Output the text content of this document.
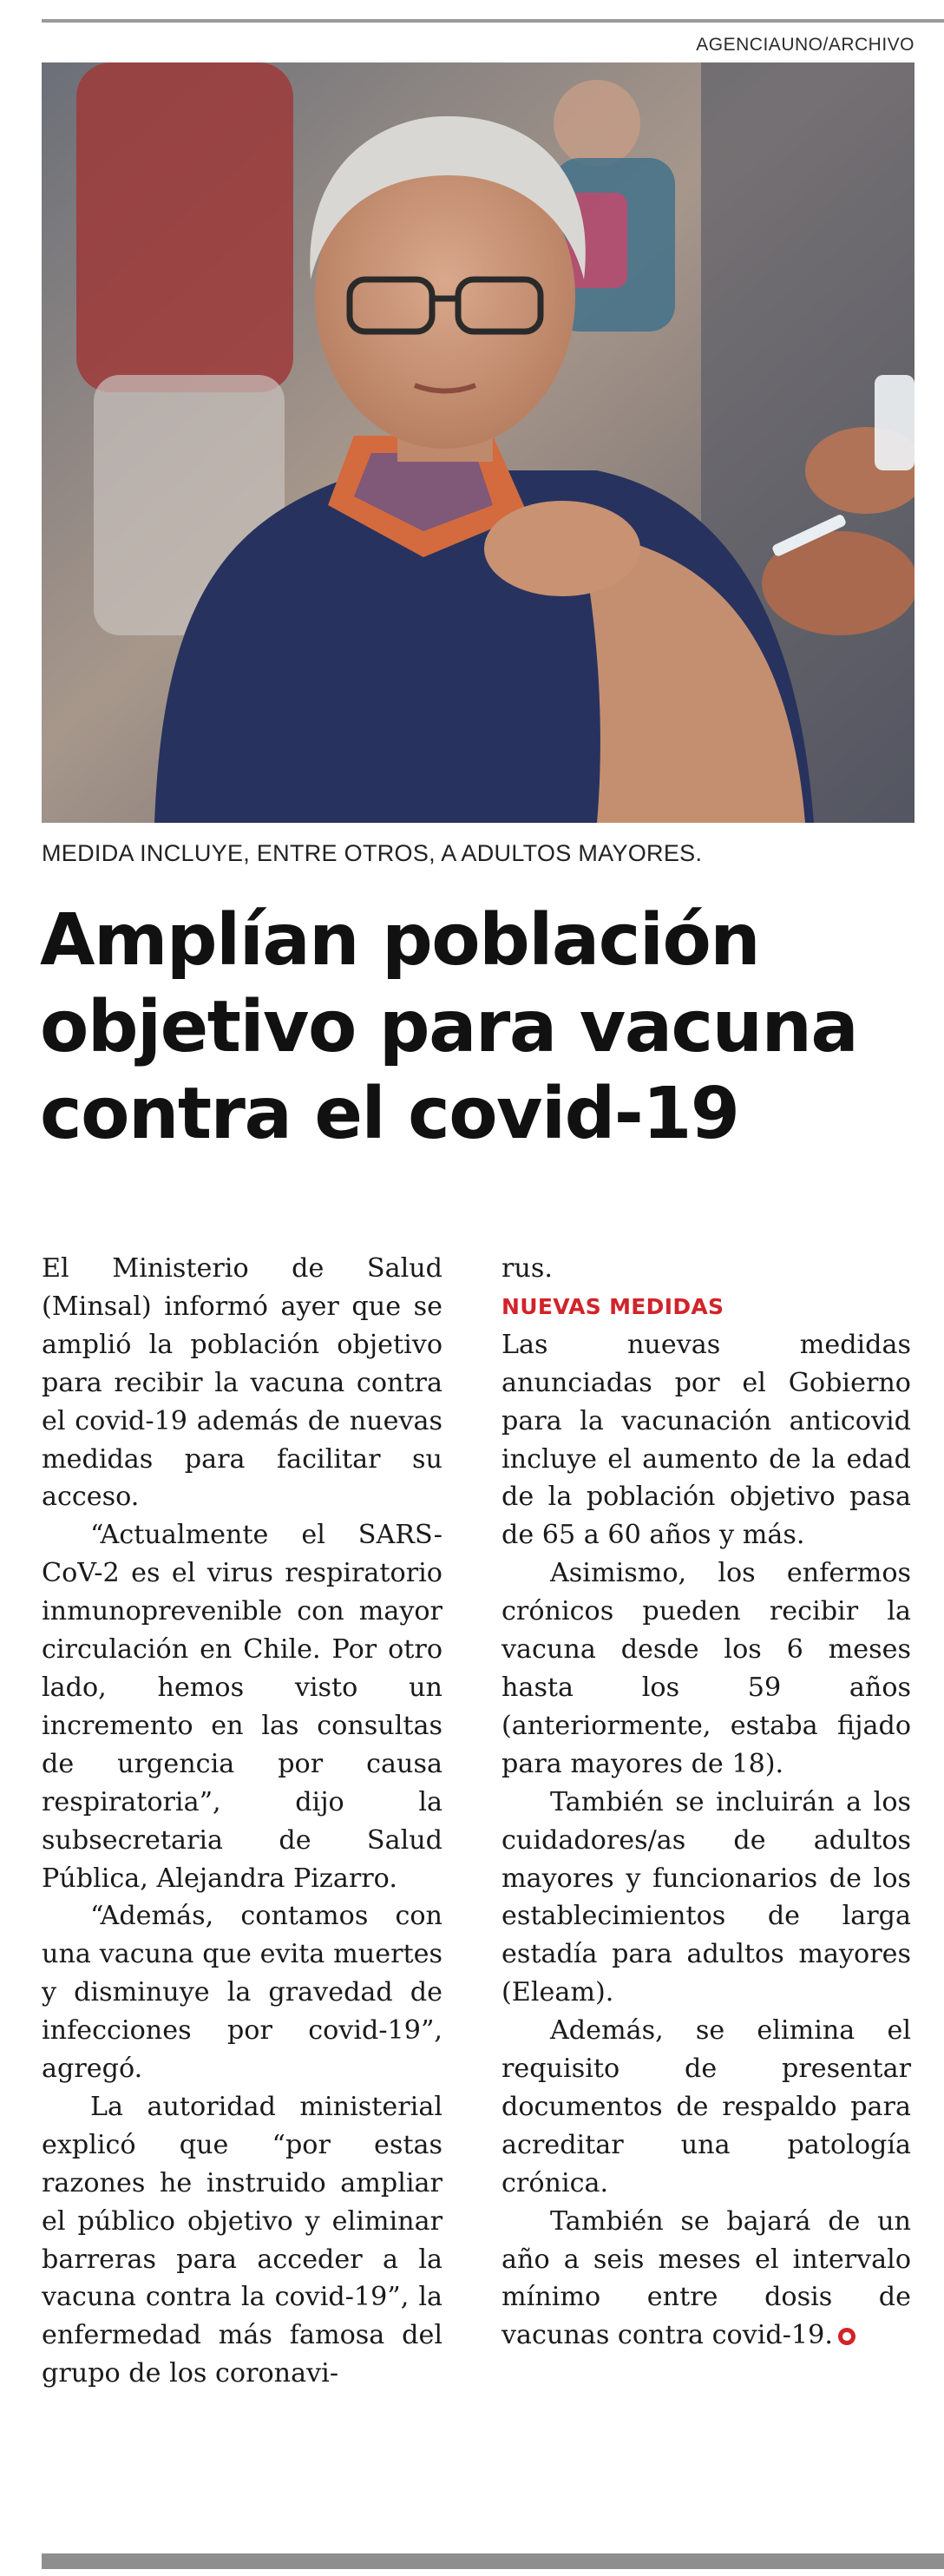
AGENCIAUNO/ARCHIVO
MEDIDA INCLUYE, ENTRE OTROS, A ADULTOS MAYORES.
Amplían población objetivo para vacuna contra el covid-19

El Ministerio de Salud (Minsal) informó ayer que se amplió la población objetivo para recibir la vacuna contra el covid-19 además de nuevas medidas para facilitar su acceso.

“Actualmente el SARS-CoV-2 es el virus respiratorio inmunoprevenible con mayor circulación en Chile. Por otro lado, hemos visto un incremento en las consultas de urgencia por causa respiratoria”, dijo la subsecretaria de Salud Pública, Alejandra Pizarro.

“Además, contamos con una vacuna que evita muertes y disminuye la gravedad de infecciones por covid-19”, agregó.

La autoridad ministerial explicó que “por estas razones he instruido ampliar el público objetivo y eliminar barreras para acceder a la vacuna contra la covid-19”, la enfermedad más famosa del grupo de los coronavi-

rus.

NUEVAS MEDIDAS

Las nuevas medidas anunciadas por el Gobierno para la vacunación anticovid incluye el aumento de la edad de la población objetivo pasa de 65 a 60 años y más.

Asimismo, los enfermos crónicos pueden recibir la vacuna desde los 6 meses hasta los 59 años (anteriormente, estaba fijado para mayores de 18).

También se incluirán a los cuidadores/as de adultos mayores y funcionarios de los establecimientos de larga estadía para adultos mayores (Eleam).

Además, se elimina el requisito de presentar documentos de respaldo para acreditar una patología crónica.

También se bajará de un año a seis meses el intervalo mínimo entre dosis de vacunas contra covid-19.
